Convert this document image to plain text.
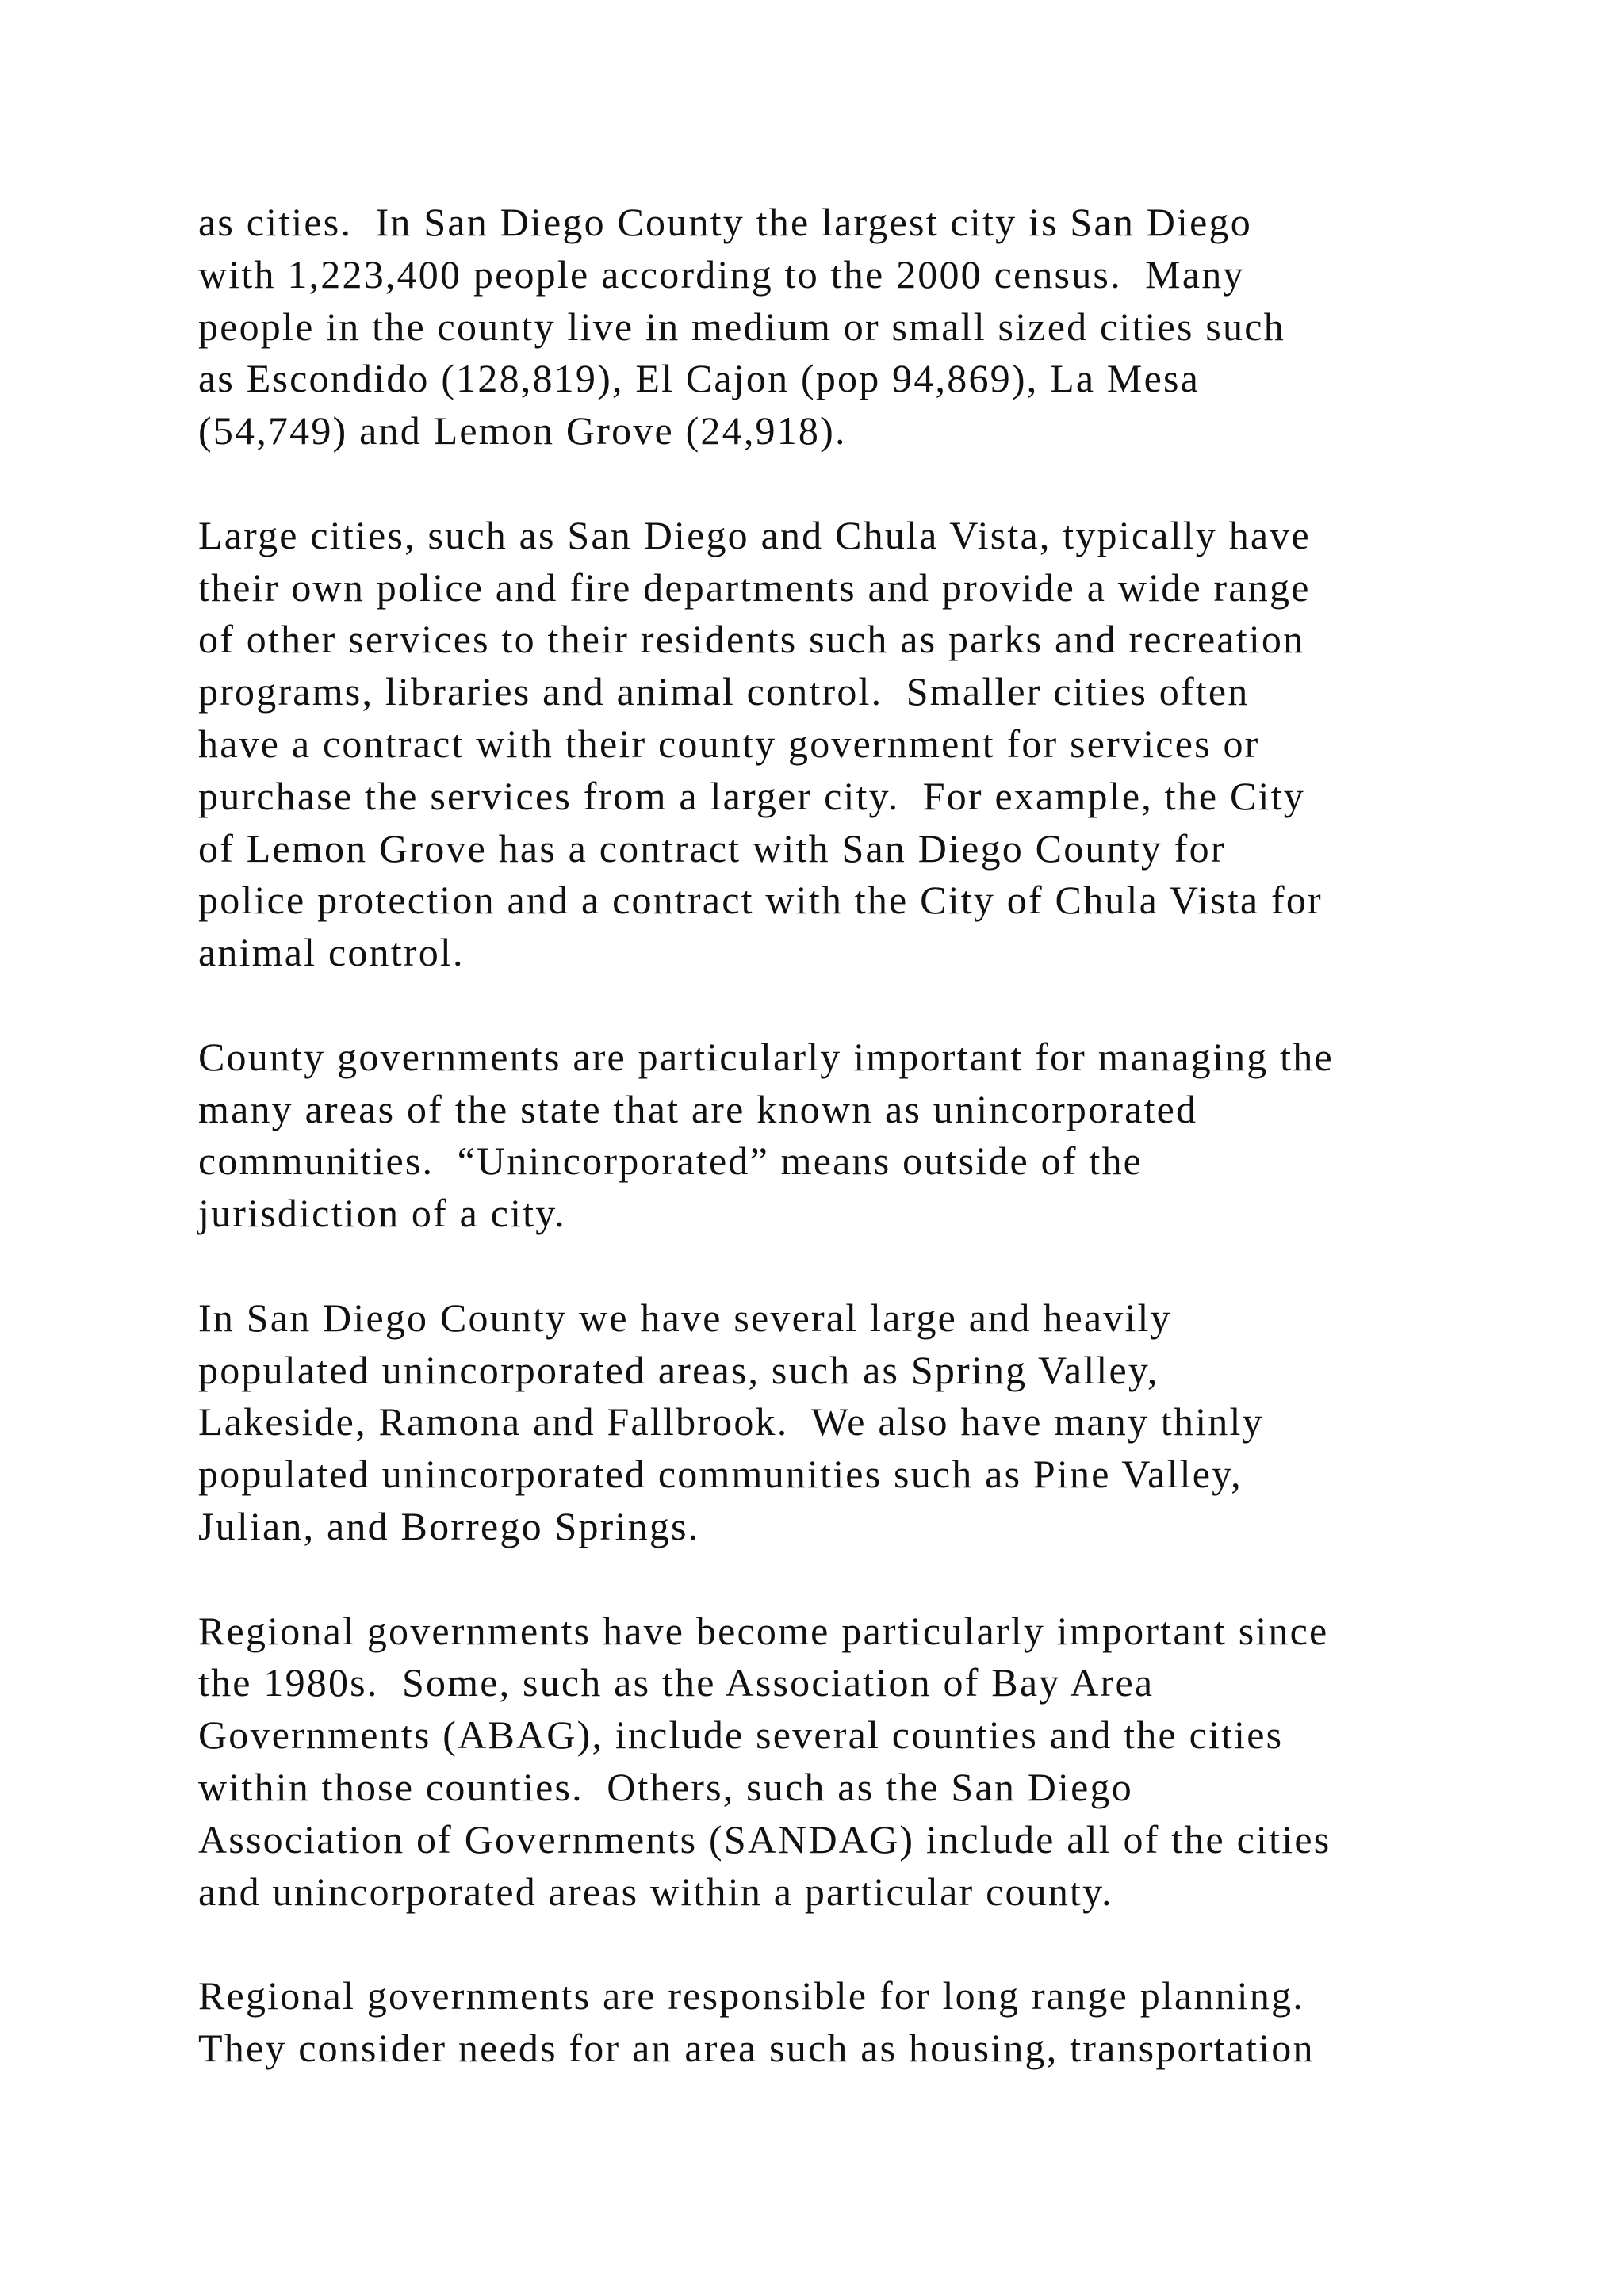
as cities.  In San Diego County the largest city is San Diego
with 1,223,400 people according to the 2000 census.  Many
people in the county live in medium or small sized cities such
as Escondido (128,819), El Cajon (pop 94,869), La Mesa
(54,749) and Lemon Grove (24,918).
Large cities, such as San Diego and Chula Vista, typically have
their own police and fire departments and provide a wide range
of other services to their residents such as parks and recreation
programs, libraries and animal control.  Smaller cities often
have a contract with their county government for services or
purchase the services from a larger city.  For example, the City
of Lemon Grove has a contract with San Diego County for
police protection and a contract with the City of Chula Vista for
animal control.
County governments are particularly important for managing the
many areas of the state that are known as unincorporated
communities.  “Unincorporated” means outside of the
jurisdiction of a city.
In San Diego County we have several large and heavily
populated unincorporated areas, such as Spring Valley,
Lakeside, Ramona and Fallbrook.  We also have many thinly
populated unincorporated communities such as Pine Valley,
Julian, and Borrego Springs.
Regional governments have become particularly important since
the 1980s.  Some, such as the Association of Bay Area
Governments (ABAG), include several counties and the cities
within those counties.  Others, such as the San Diego
Association of Governments (SANDAG) include all of the cities
and unincorporated areas within a particular county.
Regional governments are responsible for long range planning.
They consider needs for an area such as housing, transportation
